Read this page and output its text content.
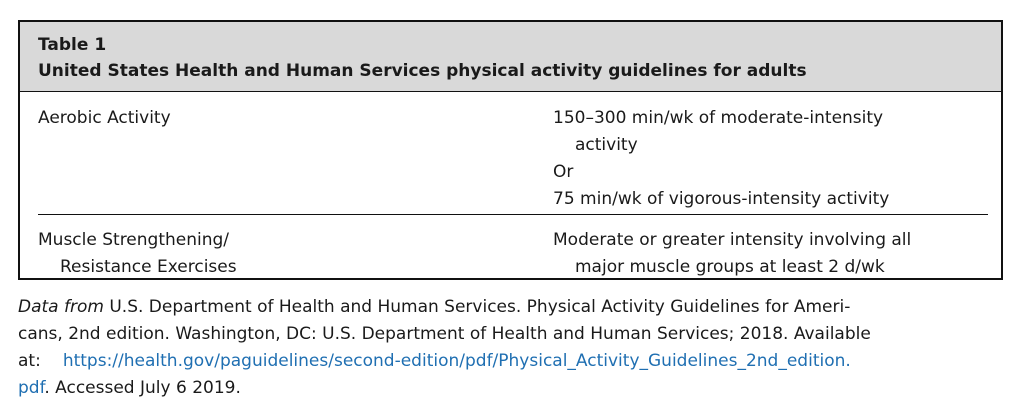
Table 1
United States Health and Human Services physical activity guidelines for adults
Aerobic Activity	150–300 min/wk of moderate-intensity
activity
Or
75 min/wk of vigorous-intensity activity
Muscle Strengthening/
Resistance Exercises
Moderate or greater intensity involving all
major muscle groups at least 2 d/wk
Data from U.S. Department of Health and Human Services. Physical Activity Guidelines for Ameri-
cans, 2nd edition. Washington, DC: U.S. Department of Health and Human Services; 2018. Available
at: https://health.gov/paguidelines/second-edition/pdf/Physical_Activity_Guidelines_2nd_edition.
pdf. Accessed July 6 2019.
